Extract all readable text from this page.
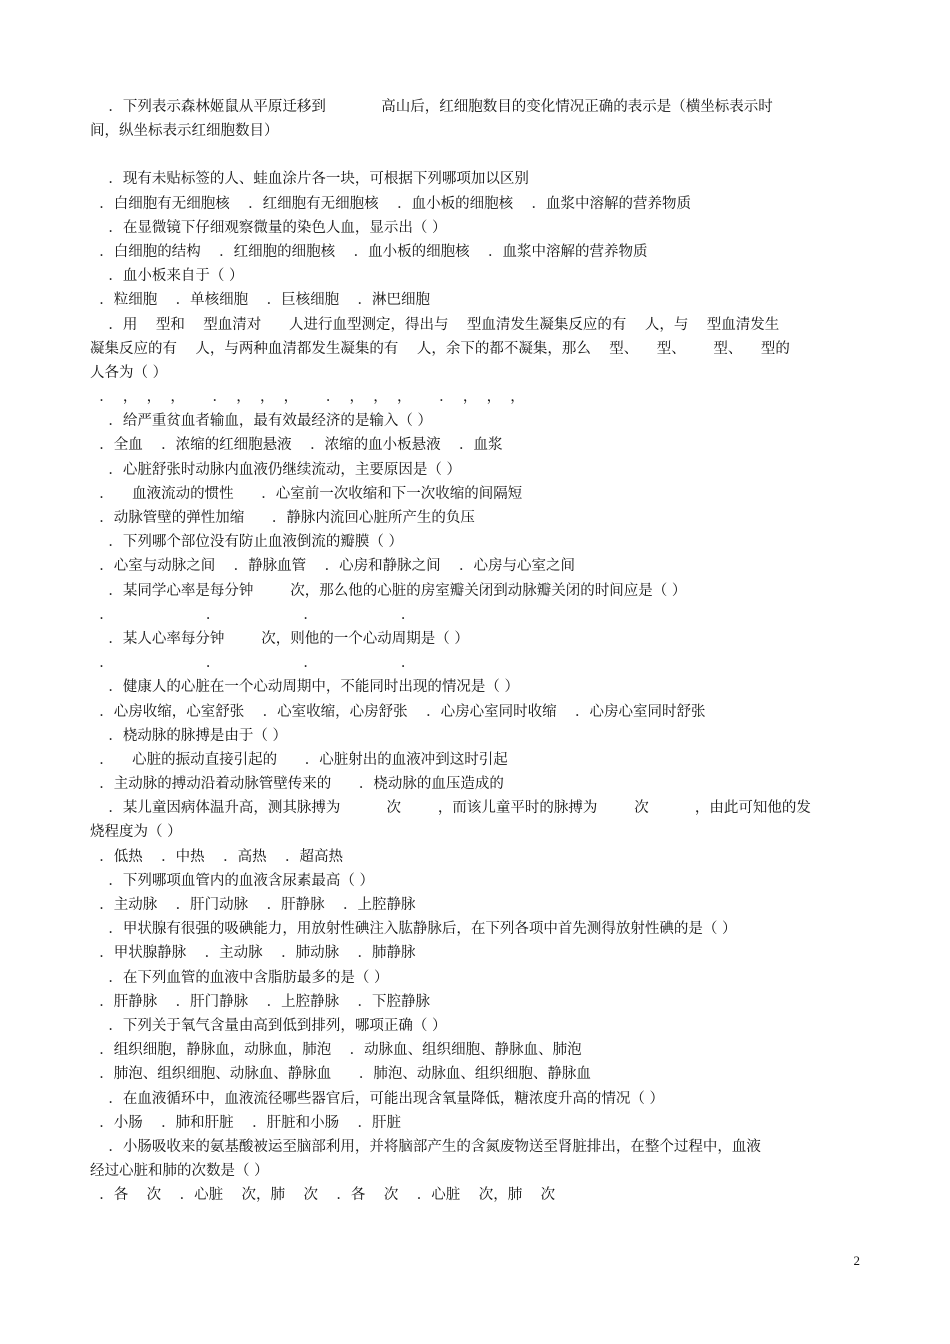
．下列表示森林姬鼠从平原迁移到            高山后，红细胞数目的变化情况正确的表示是（横坐标表示时
间，纵坐标表示红细胞数目）
．现有未贴标签的人、蛙血涂片各一块，可根据下列哪项加以区别
．白细胞有无细胞核    ．红细胞有无细胞核    ．血小板的细胞核    ．血浆中溶解的营养物质
．在显微镜下仔细观察微量的染色人血，显示出（ ）
．白细胞的结构    ．红细胞的细胞核    ．血小板的细胞核    ．血浆中溶解的营养物质
．血小板来自于（ ）
．粒细胞    ．单核细胞    ．巨核细胞    ．淋巴细胞
．用    型和    型血清对      人进行血型测定，得出与    型血清发生凝集反应的有    人，与    型血清发生
凝集反应的有    人，与两种血清都发生凝集的有    人，余下的都不凝集，那么    型、    型、      型、    型的
人各为（ ）
．  ，  ，  ，      ．  ，  ，  ，      ．  ，  ，  ，      ．  ，  ，  ，
．给严重贫血者输血，最有效最经济的是输入（ ）
．全血    ．浓缩的红细胞悬液    ．浓缩的血小板悬液    ．血浆
．心脏舒张时动脉内血液仍继续流动，主要原因是（ ）
．    血液流动的惯性      ．心室前一次收缩和下一次收缩的间隔短
．动脉管壁的弹性加缩      ．静脉内流回心脏所产生的负压
．下列哪个部位没有防止血液倒流的瓣膜（ ）
．心室与动脉之间    ．静脉血管    ．心房和静脉之间    ．心房与心室之间
．某同学心率是每分钟        次，那么他的心脏的房室瓣关闭到动脉瓣关闭的时间应是（ ）
．                    ．                  ．                  ．
．某人心率每分钟        次，则他的一个心动周期是（ ）
．                    ．                  ．                  ．
．健康人的心脏在一个心动周期中，不能同时出现的情况是（ ）
．心房收缩，心室舒张    ．心室收缩，心房舒张    ．心房心室同时收缩    ．心房心室同时舒张
．桡动脉的脉搏是由于（ ）
．    心脏的振动直接引起的      ．心脏射出的血液冲到这时引起
．主动脉的搏动沿着动脉管壁传来的      ．桡动脉的血压造成的
．某儿童因病体温升高，测其脉搏为          次        ，而该儿童平时的脉搏为        次          ，由此可知他的发
烧程度为（ ）
．低热    ．中热    ．高热    ．超高热
．下列哪项血管内的血液含尿素最高（ ）
．主动脉    ．肝门动脉    ．肝静脉    ．上腔静脉
．甲状腺有很强的吸碘能力，用放射性碘注入肱静脉后，在下列各项中首先测得放射性碘的是（ ）
．甲状腺静脉    ．主动脉    ．肺动脉    ．肺静脉
．在下列血管的血液中含脂肪最多的是（ ）
．肝静脉    ．肝门静脉    ．上腔静脉    ．下腔静脉
．下列关于氧气含量由高到低到排列，哪项正确（ ）
．组织细胞，静脉血，动脉血，肺泡    ．动脉血、组织细胞、静脉血、肺泡
．肺泡、组织细胞、动脉血、静脉血      ．肺泡、动脉血、组织细胞、静脉血
．在血液循环中，血液流径哪些器官后，可能出现含氧量降低，糖浓度升高的情况（ ）
．小肠    ．肺和肝脏    ．肝脏和小肠    ．肝脏
．小肠吸收来的氨基酸被运至脑部利用，并将脑部产生的含氮废物送至肾脏排出，在整个过程中，血液
经过心脏和肺的次数是（ ）
．各    次    ．心脏    次，肺    次    ．各    次    ．心脏    次，肺    次
2
